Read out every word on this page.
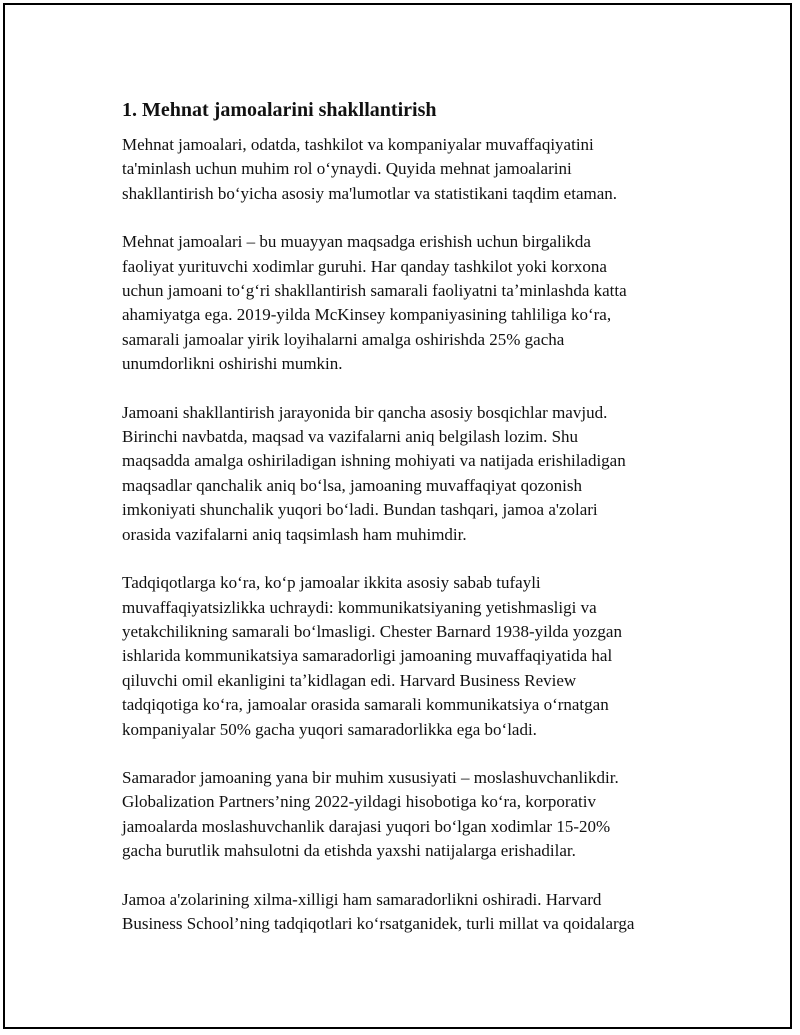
1. Mehnat jamoalarini shakllantirish

Mehnat jamoalari, odatda, tashkilot va kompaniyalar muvaffaqiyatini
ta'minlash uchun muhim rol oʻynaydi. Quyida mehnat jamoalarini
shakllantirish boʻyicha asosiy ma'lumotlar va statistikani taqdim etaman.

Mehnat jamoalari – bu muayyan maqsadga erishish uchun birgalikda
faoliyat yurituvchi xodimlar guruhi. Har qanday tashkilot yoki korxona
uchun jamoani toʻgʻri shakllantirish samarali faoliyatni taʼminlashda katta
ahamiyatga ega. 2019-yilda McKinsey kompaniyasining tahliliga koʻra,
samarali jamoalar yirik loyihalarni amalga oshirishda 25% gacha
unumdorlikni oshirishi mumkin.

Jamoani shakllantirish jarayonida bir qancha asosiy bosqichlar mavjud.
Birinchi navbatda, maqsad va vazifalarni aniq belgilash lozim. Shu
maqsadda amalga oshiriladigan ishning mohiyati va natijada erishiladigan
maqsadlar qanchalik aniq boʻlsa, jamoaning muvaffaqiyat qozonish
imkoniyati shunchalik yuqori boʻladi. Bundan tashqari, jamoa a'zolari
orasida vazifalarni aniq taqsimlash ham muhimdir.

Tadqiqotlarga koʻra, koʻp jamoalar ikkita asosiy sabab tufayli
muvaffaqiyatsizlikka uchraydi: kommunikatsiyaning yetishmasligi va
yetakchilikning samarali boʻlmasligi. Chester Barnard 1938-yilda yozgan
ishlarida kommunikatsiya samaradorligi jamoaning muvaffaqiyatida hal
qiluvchi omil ekanligini taʼkidlagan edi. Harvard Business Review
tadqiqotiga koʻra, jamoalar orasida samarali kommunikatsiya oʻrnatgan
kompaniyalar 50% gacha yuqori samaradorlikka ega boʻladi.

Samarador jamoaning yana bir muhim xususiyati – moslashuvchanlikdir.
Globalization Partners’ning 2022-yildagi hisobotiga koʻra, korporativ
jamoalarda moslashuvchanlik darajasi yuqori boʻlgan xodimlar 15-20%
gacha burutlik mahsulotni da etishda yaxshi natijalarga erishadilar.

Jamoa a'zolarining xilma-xilligi ham samaradorlikni oshiradi. Harvard
Business School’ning tadqiqotlari koʻrsatganidek, turli millat va qoidalarga
